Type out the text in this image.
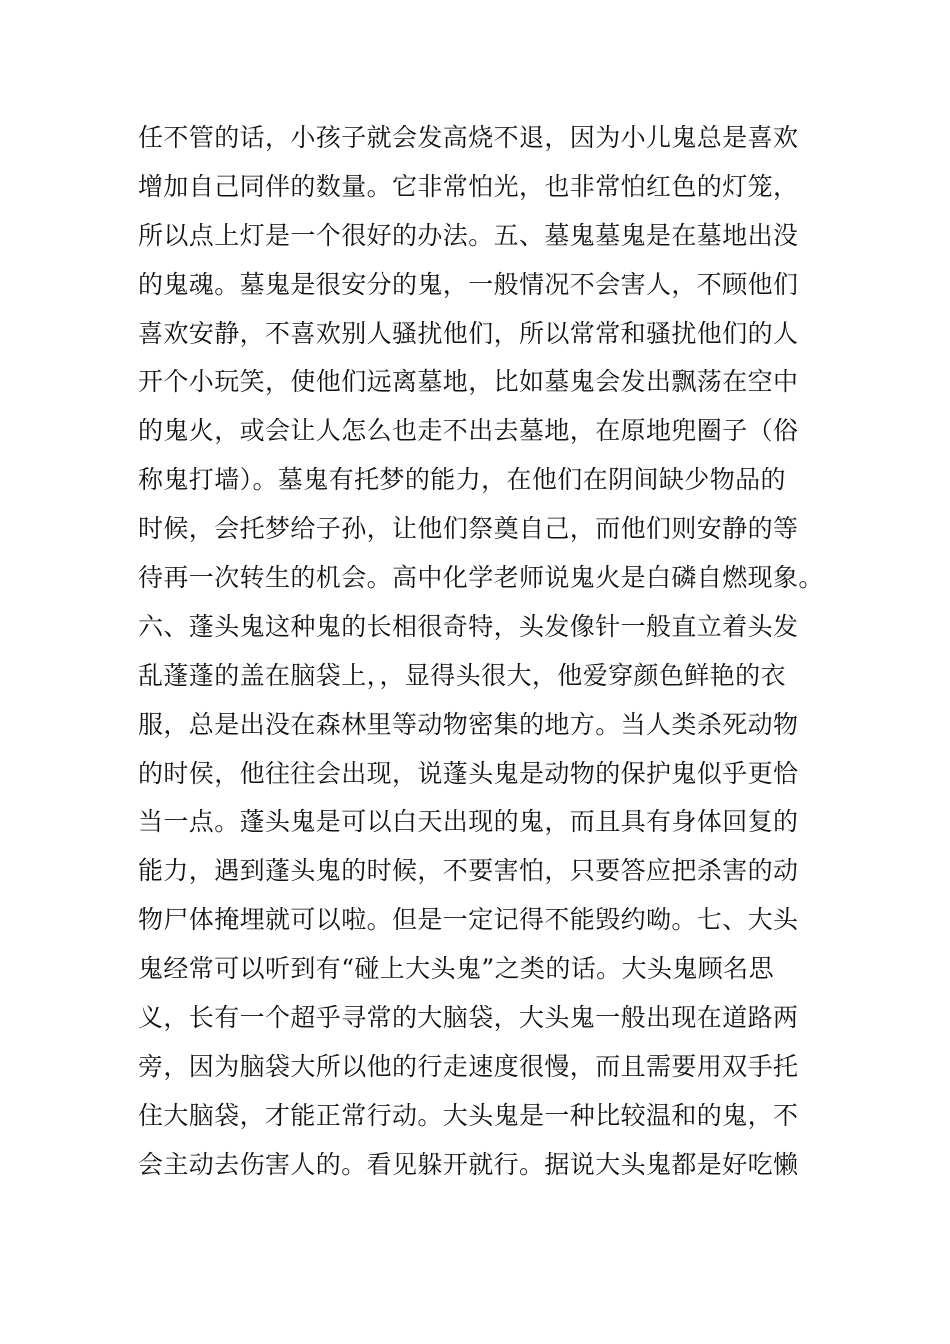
任不管的话，小孩子就会发高烧不退，因为小儿鬼总是喜欢
增加自己同伴的数量。它非常怕光，也非常怕红色的灯笼，
所以点上灯是一个很好的办法。五、墓鬼墓鬼是在墓地出没
的鬼魂。墓鬼是很安分的鬼，一般情况不会害人，不顾他们
喜欢安静，不喜欢别人骚扰他们，所以常常和骚扰他们的人
开个小玩笑，使他们远离墓地，比如墓鬼会发出飘荡在空中
的鬼火，或会让人怎么也走不出去墓地，在原地兜圈子（俗
称鬼打墙）。墓鬼有托梦的能力，在他们在阴间缺少物品的
时候，会托梦给子孙，让他们祭奠自己，而他们则安静的等
待再一次转生的机会。高中化学老师说鬼火是白磷自燃现象。
六、蓬头鬼这种鬼的长相很奇特，头发像针一般直立着头发
乱蓬蓬的盖在脑袋上，，显得头很大，他爱穿颜色鲜艳的衣
服，总是出没在森林里等动物密集的地方。当人类杀死动物
的时侯，他往往会出现，说蓬头鬼是动物的保护鬼似乎更恰
当一点。蓬头鬼是可以白天出现的鬼，而且具有身体回复的
能力，遇到蓬头鬼的时候，不要害怕，只要答应把杀害的动
物尸体掩埋就可以啦。但是一定记得不能毁约呦。七、大头
鬼经常可以听到有“碰上大头鬼”之类的话。大头鬼顾名思
义，长有一个超乎寻常的大脑袋，大头鬼一般出现在道路两
旁，因为脑袋大所以他的行走速度很慢，而且需要用双手托
住大脑袋，才能正常行动。大头鬼是一种比较温和的鬼，不
会主动去伤害人的。看见躲开就行。据说大头鬼都是好吃懒
